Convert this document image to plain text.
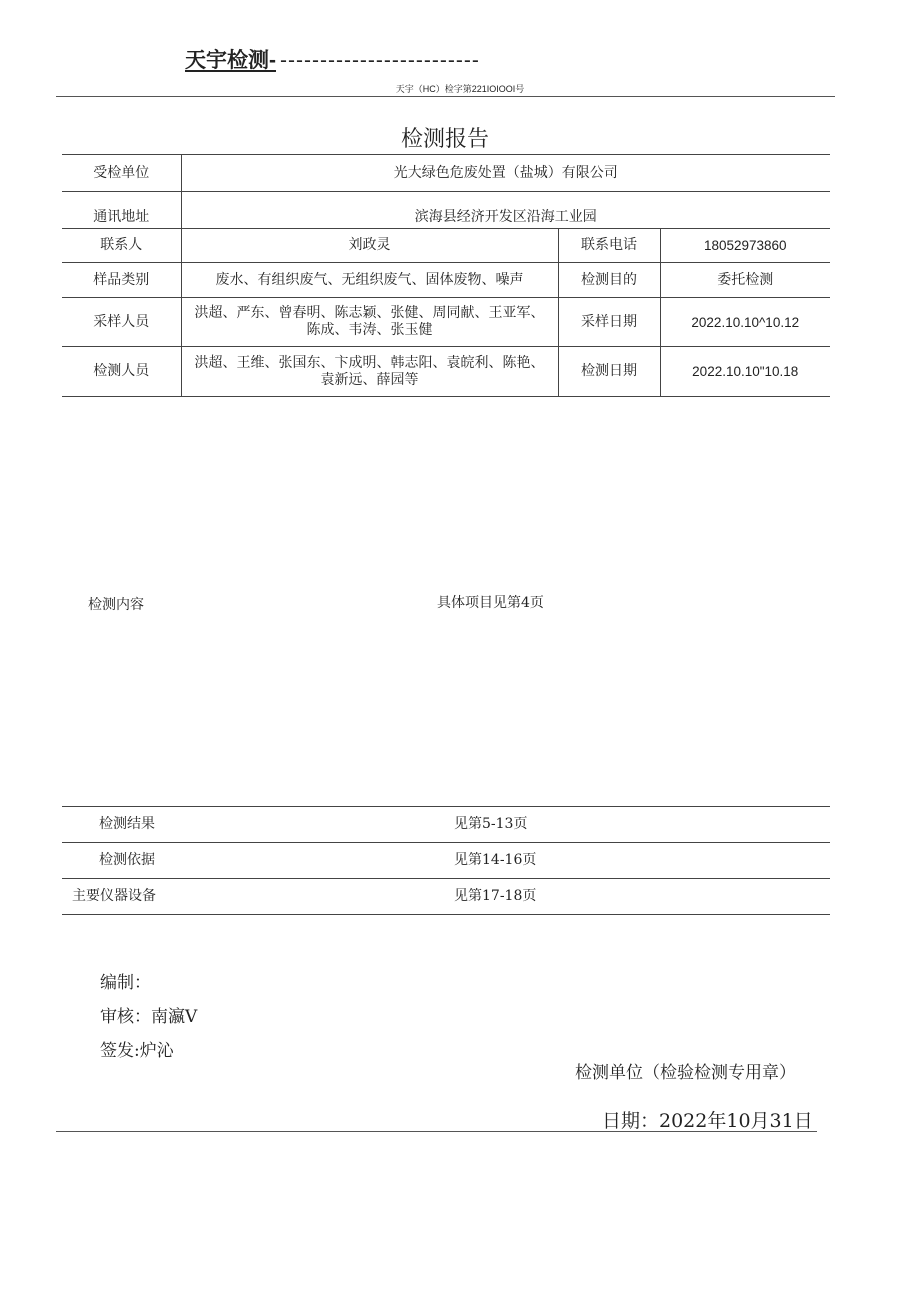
天宇检测- -------------------------
天宇（HC）检字第221IOIOOI号
检测报告
受检单位	光大绿色危废处置（盐城）有限公司		
通讯地址	滨海县经济开发区沿海工业园		
联系人	刘政灵	联系电话	18052973860
样品类别	废水、有组织废气、无组织废气、固体废物、噪声	检测目的	委托检测
采样人员	洪超、严东、曾春明、陈志颖、张健、周同献、王亚军、陈成、韦涛、张玉健	采样日期	2022.10.10^10.12
检测人员	洪超、王维、张国东、卞成明、韩志阳、袁皖利、陈艳、袁新远、薛园等	检测日期	2022.10.10"10.18
检测内容	具体项目见第4页
检测结果	见第5-13页
检测依据	见第14-16页
主要仪器设备	见第17-18页
编制：
审核：南瀛V
签发:炉沁
检测单位（检验检测专用章）
日期：2022年10月31日
